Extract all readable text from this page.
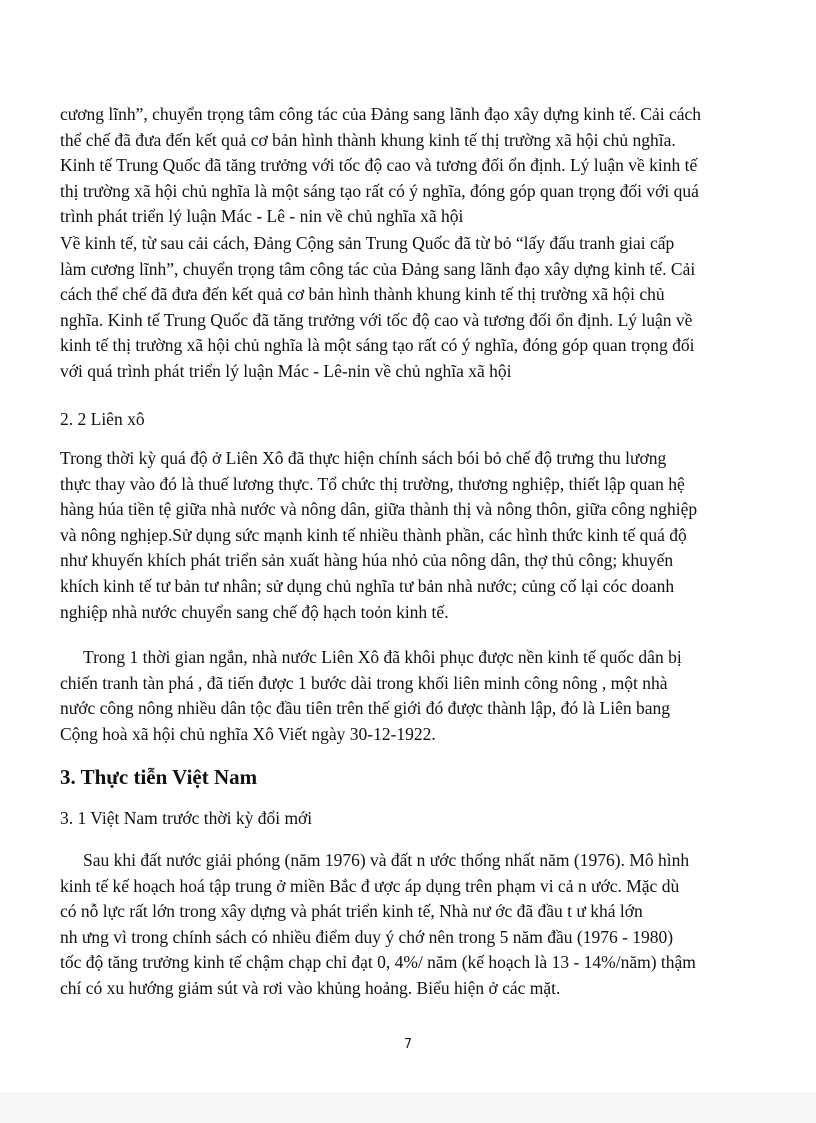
cương lĩnh”, chuyển trọng tâm công tác của Đảng sang lãnh đạo xây dựng kinh tế. Cải cách
thể chế đã đưa đến kết quả cơ bản hình thành khung kinh tế thị trường xã hội chủ nghĩa.
Kinh tế Trung Quốc đã tăng trưởng với tốc độ cao và tương đối ổn định. Lý luận về kinh tế
thị trường xã hội chủ nghĩa là một sáng tạo rất có ý nghĩa, đóng góp quan trọng đối với quá
trình phát triển lý luận Mác - Lê - nin về chủ nghĩa xã hội
Về kinh tế, từ sau cải cách, Đảng Cộng sản Trung Quốc đã từ bỏ “lấy đấu tranh giai cấp
làm cương lĩnh”, chuyển trọng tâm công tác của Đảng sang lãnh đạo xây dựng kinh tế. Cải
cách thể chế đã đưa đến kết quả cơ bản hình thành khung kinh tế thị trường xã hội chủ
nghĩa. Kinh tế Trung Quốc đã tăng trưởng với tốc độ cao và tương đối ổn định. Lý luận về
kinh tế thị trường xã hội chủ nghĩa là một sáng tạo rất có ý nghĩa, đóng góp quan trọng đối
với quá trình phát triển lý luận Mác - Lê-nin về chủ nghĩa xã hội
2. 2 Liên xô
Trong thời kỳ quá độ ở Liên Xô đã thực hiện chính sách bói bỏ chế độ trưng thu lương
thực thay vào đó là thuế lương thực. Tổ chức thị trường, thương nghiệp, thiết lập quan hệ
hàng húa tiền tệ giữa nhà nước và nông dân, giữa thành thị và nông thôn, giữa công nghiệp
và nông nghịep.Sử dụng sức mạnh kinh tế nhiều thành phần, các hình thức kinh tế quá độ
như khuyến khích phát triển sản xuất hàng húa nhỏ của nông dân, thợ thủ công; khuyến
khích kinh tế tư bản tư nhân; sử dụng chủ nghĩa tư bản nhà nước; củng cố lại cóc doanh
nghiệp nhà nước chuyển sang chế độ hạch toỏn kinh tế.
Trong 1 thời gian ngắn, nhà nước Liên Xô đã khôi phục được nền kinh tế quốc dân bị
chiến tranh tàn phá , đã tiến được 1 bước dài trong khối liên minh công nông , một nhà
nước công nông nhiều dân tộc đầu tiên trên thế giới đó được thành lập, đó là Liên bang
Cộng hoà xã hội chủ nghĩa Xô Viết ngày 30-12-1922.
3. Thực tiễn Việt Nam
3. 1 Việt Nam trước thời kỳ đổi mới
Sau khi đất nước giải phóng (năm 1976) và đất n ước thống nhất năm (1976). Mô hình
kinh tế kế hoạch hoá tập trung ở miền Bắc đ ược áp dụng trên phạm vi cả n ước. Mặc dù
có nỗ lực rất lớn trong xây dựng và phát triển kinh tế, Nhà nư ớc đã đầu t ư khá lớn
nh ưng vì trong chính sách có nhiều điểm duy ý chớ nên trong 5 năm đầu (1976 - 1980)
tốc độ tăng trưởng kinh tế chậm chạp chỉ đạt 0, 4%/ năm (kế hoạch là 13 - 14%/năm) thậm
chí có xu hướng giảm sút và rơi vào khủng hoảng. Biểu hiện ở các mặt.
7
